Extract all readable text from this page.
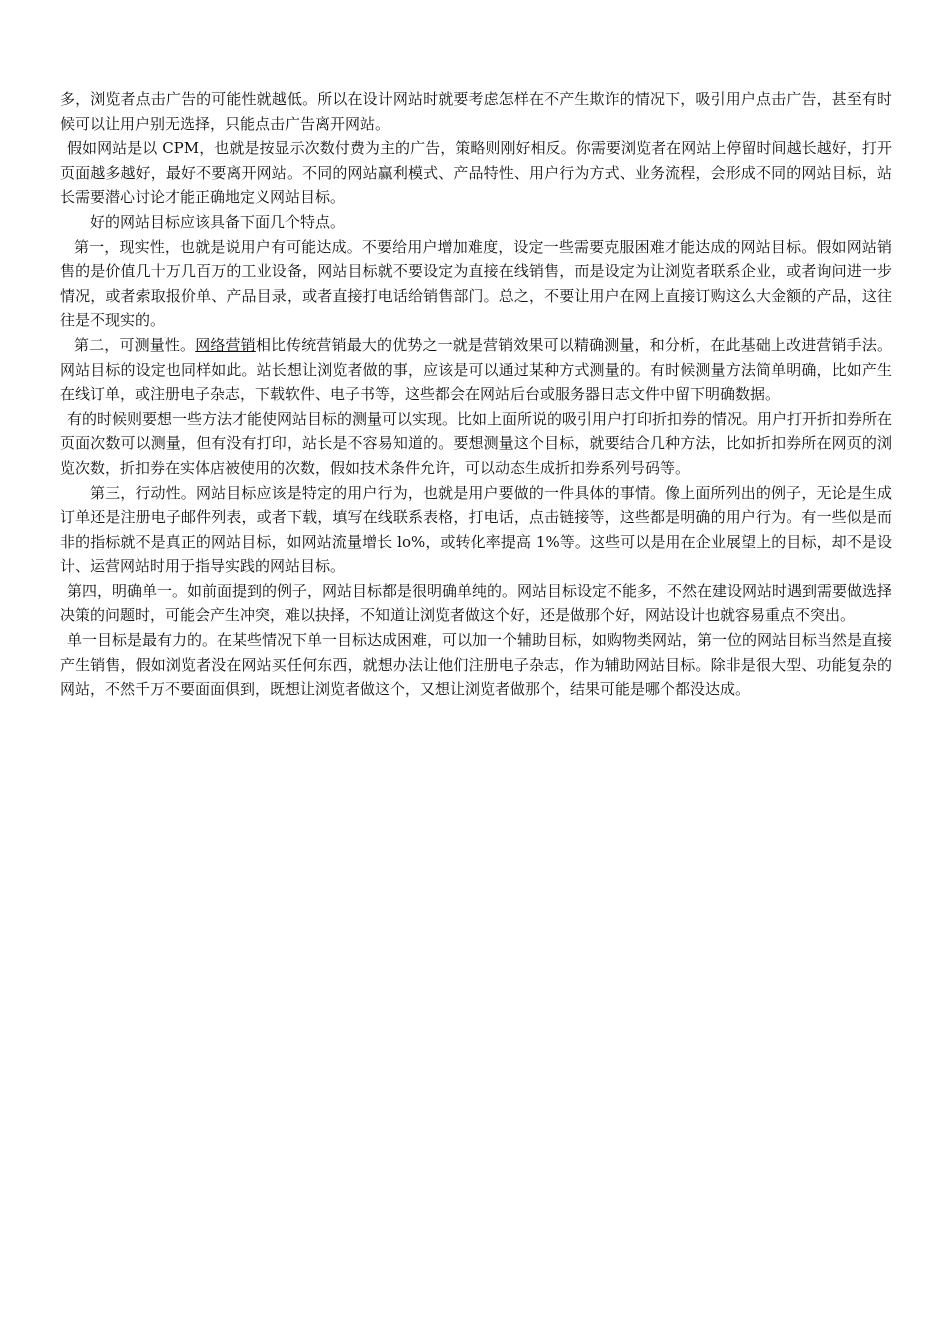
多，浏览者点击广告的可能性就越低。所以在设计网站时就要考虑怎样在不产生欺诈的情况下，吸引用户点击广告，甚至有时候可以让用户别无选择，只能点击广告离开网站。

假如网站是以 CPM，也就是按显示次数付费为主的广告，策略则刚好相反。你需要浏览者在网站上停留时间越长越好，打开页面越多越好，最好不要离开网站。不同的网站赢利模式、产品特性、用户行为方式、业务流程，会形成不同的网站目标，站长需要潜心讨论才能正确地定义网站目标。

好的网站目标应该具备下面几个特点。

第一，现实性，也就是说用户有可能达成。不要给用户增加难度，设定一些需要克服困难才能达成的网站目标。假如网站销售的是价值几十万几百万的工业设备，网站目标就不要设定为直接在线销售，而是设定为让浏览者联系企业，或者询问进一步情况，或者索取报价单、产品目录，或者直接打电话给销售部门。总之，不要让用户在网上直接订购这么大金额的产品，这往往是不现实的。

第二，可测量性。网络营销相比传统营销最大的优势之一就是营销效果可以精确测量，和分析，在此基础上改进营销手法。网站目标的设定也同样如此。站长想让浏览者做的事，应该是可以通过某种方式测量的。有时候测量方法简单明确，比如产生在线订单，或注册电子杂志，下载软件、电子书等，这些都会在网站后台或服务器日志文件中留下明确数据。

有的时候则要想一些方法才能使网站目标的测量可以实现。比如上面所说的吸引用户打印折扣券的情况。用户打开折扣券所在页面次数可以测量，但有没有打印，站长是不容易知道的。要想测量这个目标，就要结合几种方法，比如折扣券所在网页的浏览次数，折扣券在实体店被使用的次数，假如技术条件允许，可以动态生成折扣券系列号码等。

第三，行动性。网站目标应该是特定的用户行为，也就是用户要做的一件具体的事情。像上面所列出的例子，无论是生成订单还是注册电子邮件列表，或者下载，填写在线联系表格，打电话，点击链接等，这些都是明确的用户行为。有一些似是而非的指标就不是真正的网站目标，如网站流量增长 lo%，或转化率提高 1%等。这些可以是用在企业展望上的目标，却不是设计、运营网站时用于指导实践的网站目标。

第四，明确单一。如前面提到的例子，网站目标都是很明确单纯的。网站目标设定不能多，不然在建设网站时遇到需要做选择决策的问题时，可能会产生冲突，难以抉择，不知道让浏览者做这个好，还是做那个好，网站设计也就容易重点不突出。

单一目标是最有力的。在某些情况下单一目标达成困难，可以加一个辅助目标，如购物类网站，第一位的网站目标当然是直接产生销售，假如浏览者没在网站买任何东西，就想办法让他们注册电子杂志，作为辅助网站目标。除非是很大型、功能复杂的网站，不然千万不要面面俱到，既想让浏览者做这个，又想让浏览者做那个，结果可能是哪个都没达成。
